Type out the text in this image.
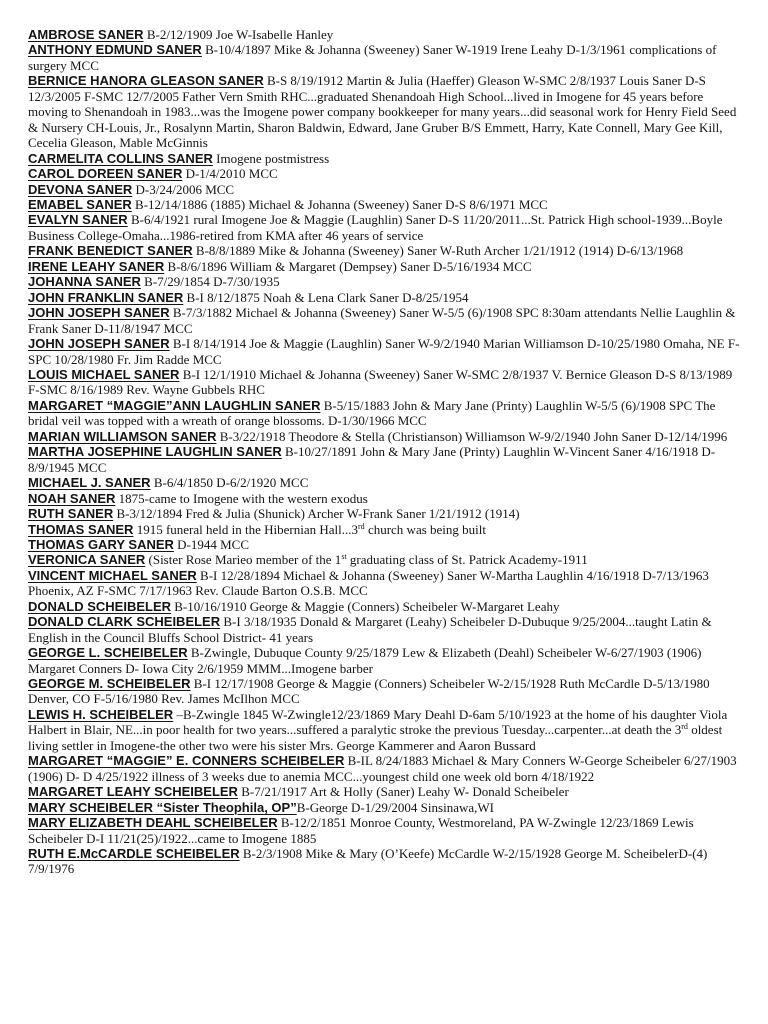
AMBROSE SANER B-2/12/1909 Joe W-Isabelle Hanley

ANTHONY EDMUND SANER B-10/4/1897 Mike & Johanna (Sweeney) Saner W-1919 Irene Leahy D-1/3/1961 complications of surgery MCC

BERNICE HANORA GLEASON SANER B-S 8/19/1912 Martin & Julia (Haeffer) Gleason W-SMC 2/8/1937 Louis Saner D-S 12/3/2005 F-SMC 12/7/2005 Father Vern Smith RHC...graduated Shenandoah High School...lived in Imogene for 45 years before moving to Shenandoah in 1983...was the Imogene power company bookkeeper for many years...did seasonal work for Henry Field Seed & Nursery CH-Louis, Jr., Rosalynn Martin, Sharon Baldwin, Edward, Jane Gruber B/S Emmett, Harry, Kate Connell, Mary Gee Kill, Cecelia Gleason, Mable McGinnis

CARMELITA COLLINS SANER Imogene postmistress

CAROL DOREEN SANER D-1/4/2010 MCC

DEVONA SANER D-3/24/2006 MCC

EMABEL SANER B-12/14/1886 (1885) Michael & Johanna (Sweeney) Saner D-S 8/6/1971 MCC

EVALYN SANER B-6/4/1921 rural Imogene Joe & Maggie (Laughlin) Saner D-S 11/20/2011...St. Patrick High school-1939...Boyle Business College-Omaha...1986-retired from KMA after 46 years of service

FRANK BENEDICT SANER B-8/8/1889 Mike & Johanna (Sweeney) Saner W-Ruth Archer 1/21/1912 (1914) D-6/13/1968

IRENE LEAHY SANER B-8/6/1896 William & Margaret (Dempsey) Saner D-5/16/1934 MCC

JOHANNA SANER B-7/29/1854 D-7/30/1935

JOHN FRANKLIN SANER B-I 8/12/1875 Noah & Lena Clark Saner D-8/25/1954

JOHN JOSEPH SANER B-7/3/1882 Michael & Johanna (Sweeney) Saner W-5/5 (6)/1908 SPC 8:30am attendants Nellie Laughlin & Frank Saner D-11/8/1947 MCC

JOHN JOSEPH SANER B-I 8/14/1914 Joe & Maggie (Laughlin) Saner W-9/2/1940 Marian Williamson D-10/25/1980 Omaha, NE F-SPC 10/28/1980 Fr. Jim Radde MCC

LOUIS MICHAEL SANER B-I 12/1/1910 Michael & Johanna (Sweeney) Saner W-SMC 2/8/1937 V. Bernice Gleason D-S 8/13/1989 F-SMC 8/16/1989 Rev. Wayne Gubbels RHC

MARGARET “MAGGIE”ANN LAUGHLIN SANER B-5/15/1883 John & Mary Jane (Printy) Laughlin W-5/5 (6)/1908 SPC The bridal veil was topped with a wreath of orange blossoms. D-1/30/1966 MCC

MARIAN WILLIAMSON SANER B-3/22/1918 Theodore & Stella (Christianson) Williamson W-9/2/1940 John Saner D-12/14/1996

MARTHA JOSEPHINE LAUGHLIN SANER B-10/27/1891 John & Mary Jane (Printy) Laughlin W-Vincent Saner 4/16/1918 D-8/9/1945 MCC

MICHAEL J. SANER B-6/4/1850 D-6/2/1920 MCC

NOAH SANER 1875-came to Imogene with the western exodus

RUTH SANER B-3/12/1894 Fred & Julia (Shunick) Archer W-Frank Saner 1/21/1912 (1914)

THOMAS SANER 1915 funeral held in the Hibernian Hall...3rd church was being built

THOMAS GARY SANER D-1944 MCC

VERONICA SANER (Sister Rose Marieo member of the 1st graduating class of St. Patrick Academy-1911

VINCENT MICHAEL SANER B-I 12/28/1894 Michael & Johanna (Sweeney) Saner W-Martha Laughlin 4/16/1918 D-7/13/1963 Phoenix, AZ F-SMC 7/17/1963 Rev. Claude Barton O.S.B. MCC

DONALD SCHEIBELER B-10/16/1910 George & Maggie (Conners) Scheibeler W-Margaret Leahy

DONALD CLARK SCHEIBELER B-I 3/18/1935 Donald & Margaret (Leahy) Scheibeler D-Dubuque 9/25/2004...taught Latin & English in the Council Bluffs School District- 41 years

GEORGE L. SCHEIBELER B-Zwingle, Dubuque County 9/25/1879 Lew & Elizabeth (Deahl) Scheibeler W-6/27/1903 (1906) Margaret Conners D- Iowa City 2/6/1959 MMM...Imogene barber

GEORGE M. SCHEIBELER B-I 12/17/1908 George & Maggie (Conners) Scheibeler W-2/15/1928 Ruth McCardle D-5/13/1980 Denver, CO F-5/16/1980 Rev. James McIlhon MCC

LEWIS H. SCHEIBELER –B-Zwingle 1845 W-Zwingle12/23/1869 Mary Deahl D-6am 5/10/1923 at the home of his daughter Viola Halbert in Blair, NE...in poor health for two years...suffered a paralytic stroke the previous Tuesday...carpenter...at death the 3rd oldest living settler in Imogene-the other two were his sister Mrs. George Kammerer and Aaron Bussard

MARGARET “MAGGIE” E. CONNERS SCHEIBELER B-IL 8/24/1883 Michael & Mary Conners W-George Scheibeler 6/27/1903 (1906) D- D 4/25/1922 illness of 3 weeks due to anemia MCC...youngest child one week old born 4/18/1922

MARGARET LEAHY SCHEIBELER B-7/21/1917 Art & Holly (Saner) Leahy W- Donald Scheibeler

MARY SCHEIBELER “Sister Theophila, OP”B-George D-1/29/2004 Sinsinawa,WI

MARY ELIZABETH DEAHL SCHEIBELER B-12/2/1851 Monroe County, Westmoreland, PA W-Zwingle 12/23/1869 Lewis Scheibeler D-I 11/21(25)/1922...came to Imogene 1885

RUTH E.McCARDLE SCHEIBELER B-2/3/1908 Mike & Mary (O’Keefe) McCardle W-2/15/1928 George M. ScheibelerD-(4) 7/9/1976
